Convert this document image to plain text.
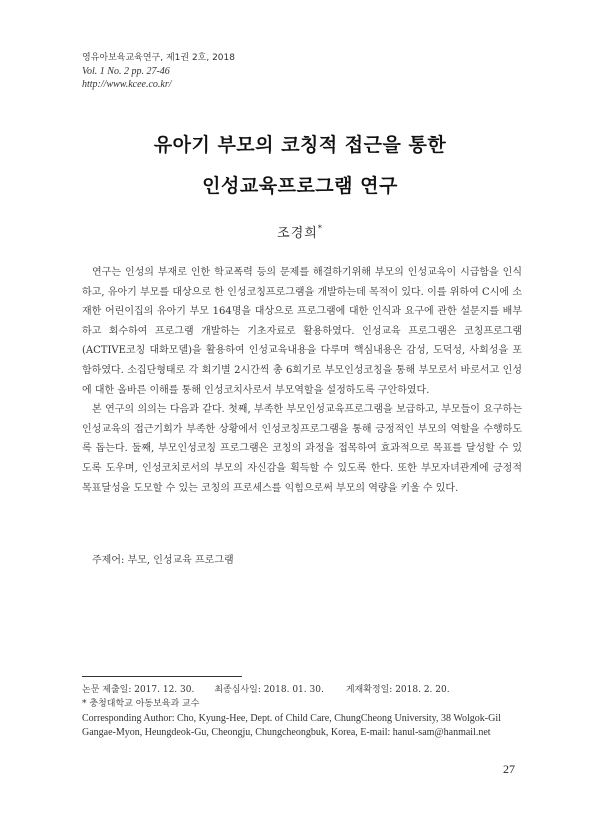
영유아보육교육연구, 제1권 2호, 2018
Vol. 1 No. 2 pp. 27-46
http://www.kcee.co.kr/
유아기 부모의 코칭적 접근을 통한
인성교육프로그램 연구
조경희*

연구는 인성의 부재로 인한 학교폭력 등의 문제를 해결하기위해 부모의 인성교육이 시급함을 인식하고, 유아기 부모를 대상으로 한 인성코칭프로그램을 개발하는데 목적이 있다. 이를 위하여 C시에 소재한 어린이집의 유아기 부모 164명을 대상으로 프로그램에 대한 인식과 요구에 관한 설문지를 배부하고 회수하여 프로그램 개발하는 기초자료로 활용하였다. 인성교육 프로그램은 코칭프로그램(ACTIVE코칭 대화모델)을 활용하여 인성교육내용을 다루며 핵심내용은 감성, 도덕성, 사회성을 포함하였다. 소집단형태로 각 회기별 2시간씩 총 6회기로 부모인성코칭을 통해 부모로서 바로서고 인성에 대한 올바른 이해를 통해 인성코치사로서 부모역할을 설정하도록 구안하였다.

본 연구의 의의는 다음과 같다. 첫째, 부족한 부모인성교육프로그램을 보급하고, 부모들이 요구하는 인성교육의 접근기회가 부족한 상황에서 인성코칭프로그램을 통해 긍정적인 부모의 역할을 수행하도록 돕는다. 둘째, 부모인성코칭 프로그램은 코칭의 과정을 접목하여 효과적으로 목표를 달성할 수 있도록 도우며, 인성코치로서의 부모의 자신감을 획득할 수 있도록 한다. 또한 부모자녀관계에 긍정적 목표달성을 도모할 수 있는 코칭의 프로세스를 익힘으로써 부모의 역량을 키울 수 있다.

주제어: 부모, 인성교육 프로그램
논문 제출일: 2017. 12. 30. 최종심사일: 2018. 01. 30. 게재확정일: 2018. 2. 20.
* 충청대학교 아동보육과 교수
Corresponding Author: Cho, Kyung-Hee, Dept. of Child Care, ChungCheong University, 38 Wolgok-Gil Gangae-Myon, Heungdeok-Gu, Cheongju, Chungcheongbuk, Korea, E-mail: hanul-sam@hanmail.net
27
